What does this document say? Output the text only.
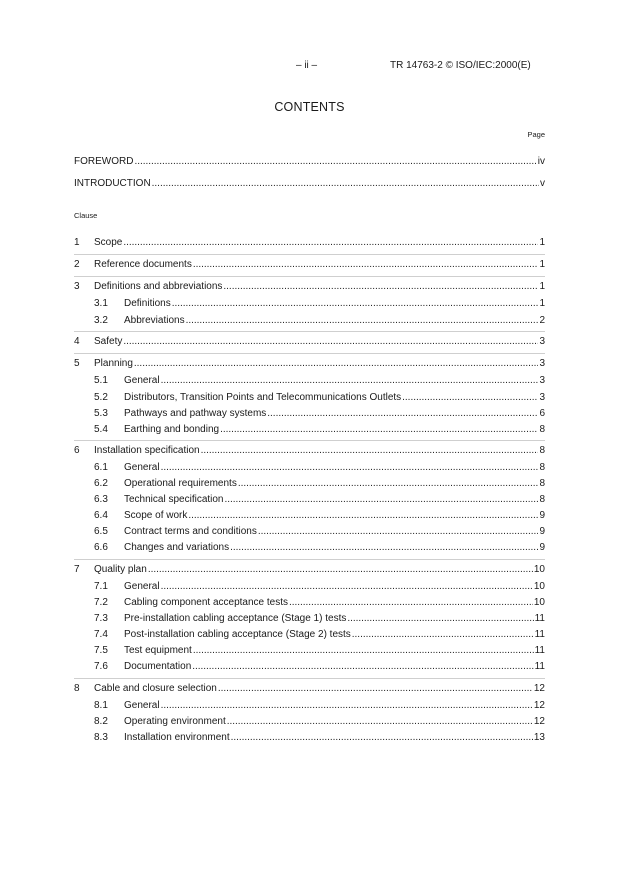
– ii –	TR 14763-2 © ISO/IEC:2000(E)
CONTENTS
Page
FOREWORD . . .	iv
INTRODUCTION . . .	v
Clause
1	Scope . . .	1
2	Reference documents . . .	1
3	Definitions and abbreviations . . .	1
3.1	Definitions . . .	1
3.2	Abbreviations . . .	2
4	Safety . . .	3
5	Planning . . .	3
5.1	General . . .	3
5.2	Distributors, Transition Points and Telecommunications Outlets . . .	3
5.3	Pathways and pathway systems . . .	6
5.4	Earthing and bonding . . .	8
6	Installation specification . . .	8
6.1	General . . .	8
6.2	Operational requirements . . .	8
6.3	Technical specification . . .	8
6.4	Scope of work . . .	9
6.5	Contract terms and conditions . . .	9
6.6	Changes and variations . . .	9
7	Quality plan . . .	10
7.1	General . . .	10
7.2	Cabling component acceptance tests . . .	10
7.3	Pre-installation cabling acceptance (Stage 1) tests . . .	11
7.4	Post-installation cabling acceptance (Stage 2) tests . . .	11
7.5	Test equipment . . .	11
7.6	Documentation . . .	11
8	Cable and closure selection . . .	12
8.1	General . . .	12
8.2	Operating environment . . .	12
8.3	Installation environment . . .	13
